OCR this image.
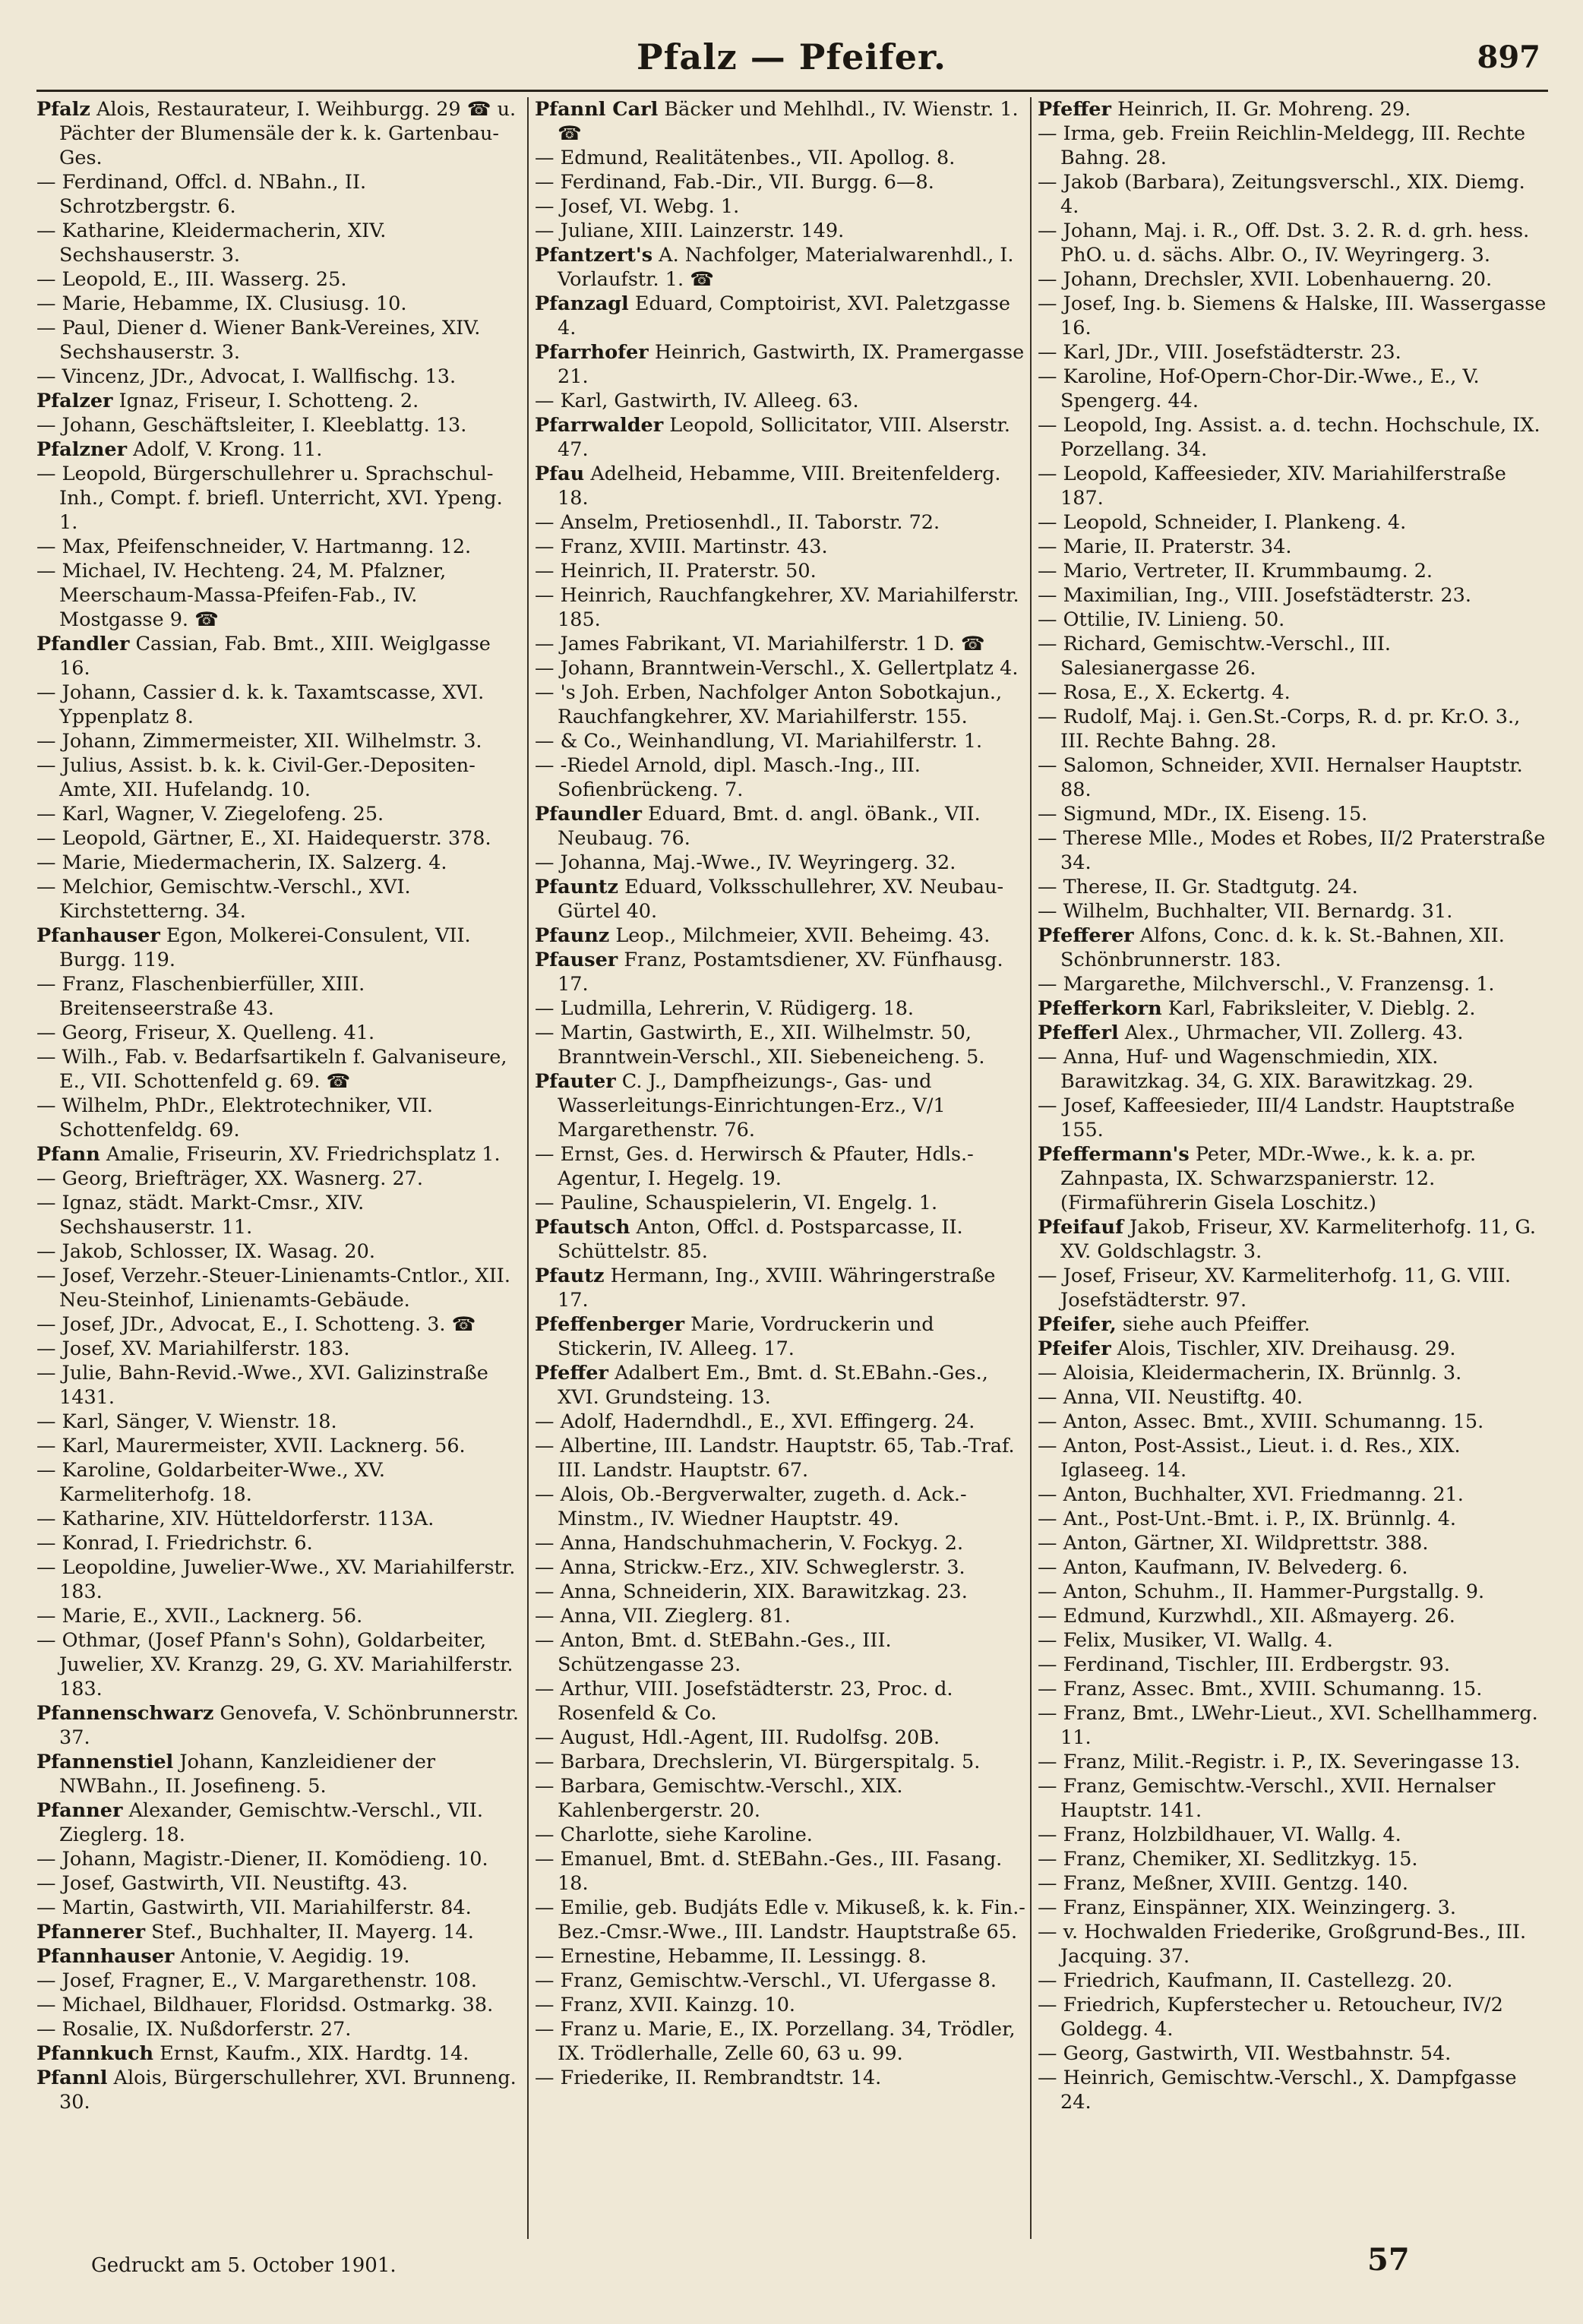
Pfalz — Pfeifer.	897
Pfalz Alois, Restaurateur, I. Weihburgg. 29 ☎ u. Pächter der Blumensäle der k. k. Gartenbau-Ges.
— Ferdinand, Offcl. d. NBahn., II. Schrotzbergstr. 6.
— Katharine, Kleidermacherin, XIV. Sechshauserstr. 3.
— Leopold, E., III. Wasserg. 25.
— Marie, Hebamme, IX. Clusiusg. 10.
— Paul, Diener d. Wiener Bank-Vereines, XIV. Sechshauserstr. 3.
— Vincenz, JDr., Advocat, I. Wallfischg. 13.
Pfalzer Ignaz, Friseur, I. Schotteng. 2.
— Johann, Geschäftsleiter, I. Kleeblattg. 13.
Pfalzner Adolf, V. Krong. 11.
— Leopold, Bürgerschullehrer u. Sprachschul-Inh., Compt. f. briefl. Unterricht, XVI. Ypeng. 1.
— Max, Pfeifenschneider, V. Hartmanng. 12.
— Michael, IV. Hechteng. 24, M. Pfalzner, Meerschaum-Massa-Pfeifen-Fab., IV. Mostgasse 9. ☎
Pfandler Cassian, Fab. Bmt., XIII. Weiglgasse 16.
— Johann, Cassier d. k. k. Taxamtscasse, XVI. Yppenplatz 8.
— Johann, Zimmermeister, XII. Wilhelmstr. 3.
— Julius, Assist. b. k. k. Civil-Ger.-Depositen-Amte, XII. Hufelandg. 10.
— Karl, Wagner, V. Ziegelofeng. 25.
— Leopold, Gärtner, E., XI. Haidequerstr. 378.
— Marie, Miedermacherin, IX. Salzerg. 4.
— Melchior, Gemischtw.-Verschl., XVI. Kirchstetterng. 34.
Pfanhauser Egon, Molkerei-Consulent, VII. Burgg. 119.
— Franz, Flaschenbierfüller, XIII. Breitenseerstraße 43.
— Georg, Friseur, X. Quelleng. 41.
— Wilh., Fab. v. Bedarfsartikeln f. Galvaniseure, E., VII. Schottenfeld g. 69. ☎
— Wilhelm, PhDr., Elektrotechniker, VII. Schottenfeldg. 69.
Pfann Amalie, Friseurin, XV. Friedrichsplatz 1.
— Georg, Briefträger, XX. Wasnerg. 27.
— Ignaz, städt. Markt-Cmsr., XIV. Sechshauserstr. 11.
— Jakob, Schlosser, IX. Wasag. 20.
— Josef, Verzehr.-Steuer-Linienamts-Cntlor., XII. Neu-Steinhof, Linienamts-Gebäude.
— Josef, JDr., Advocat, E., I. Schotteng. 3. ☎
— Josef, XV. Mariahilferstr. 183.
— Julie, Bahn-Revid.-Wwe., XVI. Galizinstraße 1431.
— Karl, Sänger, V. Wienstr. 18.
— Karl, Maurermeister, XVII. Lacknerg. 56.
— Karoline, Goldarbeiter-Wwe., XV. Karmeliterhofg. 18.
— Katharine, XIV. Hütteldorferstr. 113A.
— Konrad, I. Friedrichstr. 6.
— Leopoldine, Juwelier-Wwe., XV. Mariahilferstr. 183.
— Marie, E., XVII., Lacknerg. 56.
— Othmar, (Josef Pfann's Sohn), Goldarbeiter, Juwelier, XV. Kranzg. 29, G. XV. Mariahilferstr. 183.
Pfannenschwarz Genovefa, V. Schönbrunnerstr. 37.
Pfannenstiel Johann, Kanzleidiener der NWBahn., II. Josefineng. 5.
Pfanner Alexander, Gemischtw.-Verschl., VII. Zieglerg. 18.
— Johann, Magistr.-Diener, II. Komödieng. 10.
— Josef, Gastwirth, VII. Neustiftg. 43.
— Martin, Gastwirth, VII. Mariahilferstr. 84.
Pfannerer Stef., Buchhalter, II. Mayerg. 14.
Pfannhauser Antonie, V. Aegidig. 19.
— Josef, Fragner, E., V. Margarethenstr. 108.
— Michael, Bildhauer, Floridsd. Ostmarkg. 38.
— Rosalie, IX. Nußdorferstr. 27.
Pfannkuch Ernst, Kaufm., XIX. Hardtg. 14.
Pfannl Alois, Bürgerschullehrer, XVI. Brunneng. 30.
Pfannl Carl Bäcker und Mehlhdl., IV. Wienstr. 1. ☎
— Edmund, Realitätenbes., VII. Apollog. 8.
— Ferdinand, Fab.-Dir., VII. Burgg. 6—8.
— Josef, VI. Webg. 1.
— Juliane, XIII. Lainzerstr. 149.
Pfantzert's A. Nachfolger, Materialwarenhdl., I. Vorlaufstr. 1. ☎
Pfanzagl Eduard, Comptoirist, XVI. Paletzgasse 4.
Pfarrhofer Heinrich, Gastwirth, IX. Pramergasse 21.
— Karl, Gastwirth, IV. Alleeg. 63.
Pfarrwalder Leopold, Sollicitator, VIII. Alserstr. 47.
Pfau Adelheid, Hebamme, VIII. Breitenfelderg. 18.
— Anselm, Pretiosenhdl., II. Taborstr. 72.
— Franz, XVIII. Martinstr. 43.
— Heinrich, II. Praterstr. 50.
— Heinrich, Rauchfangkehrer, XV. Mariahilferstr. 185.
— James Fabrikant, VI. Mariahilferstr. 1 D. ☎
— Johann, Branntwein-Verschl., X. Gellertplatz 4.
— 's Joh. Erben, Nachfolger Anton Sobotkajun., Rauchfangkehrer, XV. Mariahilferstr. 155.
— & Co., Weinhandlung, VI. Mariahilferstr. 1.
— -Riedel Arnold, dipl. Masch.-Ing., III. Sofienbrückeng. 7.
Pfaundler Eduard, Bmt. d. angl. öBank., VII. Neubaug. 76.
— Johanna, Maj.-Wwe., IV. Weyringerg. 32.
Pfauntz Eduard, Volksschullehrer, XV. Neubau-Gürtel 40.
Pfaunz Leop., Milchmeier, XVII. Beheimg. 43.
Pfauser Franz, Postamtsdiener, XV. Fünfhausg. 17.
— Ludmilla, Lehrerin, V. Rüdigerg. 18.
— Martin, Gastwirth, E., XII. Wilhelmstr. 50, Branntwein-Verschl., XII. Siebeneicheng. 5.
Pfauter C. J., Dampfheizungs-, Gas- und Wasserleitungs-Einrichtungen-Erz., V/1 Margarethenstr. 76.
— Ernst, Ges. d. Herwirsch & Pfauter, Hdls.-Agentur, I. Hegelg. 19.
— Pauline, Schauspielerin, VI. Engelg. 1.
Pfautsch Anton, Offcl. d. Postsparcasse, II. Schüttelstr. 85.
Pfautz Hermann, Ing., XVIII. Währingerstraße 17.
Pfeffenberger Marie, Vordruckerin und Stickerin, IV. Alleeg. 17.
Pfeffer Adalbert Em., Bmt. d. St.EBahn.-Ges., XVI. Grundsteing. 13.
— Adolf, Haderndhdl., E., XVI. Effingerg. 24.
— Albertine, III. Landstr. Hauptstr. 65, Tab.-Traf. III. Landstr. Hauptstr. 67.
— Alois, Ob.-Bergverwalter, zugeth. d. Ack.-Minstm., IV. Wiedner Hauptstr. 49.
— Anna, Handschuhmacherin, V. Fockyg. 2.
— Anna, Strickw.-Erz., XIV. Schweglerstr. 3.
— Anna, Schneiderin, XIX. Barawitzkag. 23.
— Anna, VII. Zieglerg. 81.
— Anton, Bmt. d. StEBahn.-Ges., III. Schützengasse 23.
— Arthur, VIII. Josefstädterstr. 23, Proc. d. Rosenfeld & Co.
— August, Hdl.-Agent, III. Rudolfsg. 20B.
— Barbara, Drechslerin, VI. Bürgerspitalg. 5.
— Barbara, Gemischtw.-Verschl., XIX. Kahlenbergerstr. 20.
— Charlotte, siehe Karoline.
— Emanuel, Bmt. d. StEBahn.-Ges., III. Fasang. 18.
— Emilie, geb. Budjáts Edle v. Mikuseß, k. k. Fin.-Bez.-Cmsr.-Wwe., III. Landstr. Hauptstraße 65.
— Ernestine, Hebamme, II. Lessingg. 8.
— Franz, Gemischtw.-Verschl., VI. Ufergasse 8.
— Franz, XVII. Kainzg. 10.
— Franz u. Marie, E., IX. Porzellang. 34, Trödler, IX. Trödlerhalle, Zelle 60, 63 u. 99.
— Friederike, II. Rembrandtstr. 14.
Pfeffer Heinrich, II. Gr. Mohreng. 29.
— Irma, geb. Freiin Reichlin-Meldegg, III. Rechte Bahng. 28.
— Jakob (Barbara), Zeitungsverschl., XIX. Diemg. 4.
— Johann, Maj. i. R., Off. Dst. 3. 2. R. d. grh. hess. PhO. u. d. sächs. Albr. O., IV. Weyringerg. 3.
— Johann, Drechsler, XVII. Lobenhauerng. 20.
— Josef, Ing. b. Siemens & Halske, III. Wassergasse 16.
— Karl, JDr., VIII. Josefstädterstr. 23.
— Karoline, Hof-Opern-Chor-Dir.-Wwe., E., V. Spengerg. 44.
— Leopold, Ing. Assist. a. d. techn. Hochschule, IX. Porzellang. 34.
— Leopold, Kaffeesieder, XIV. Mariahilferstraße 187.
— Leopold, Schneider, I. Plankeng. 4.
— Marie, II. Praterstr. 34.
— Mario, Vertreter, II. Krummbaumg. 2.
— Maximilian, Ing., VIII. Josefstädterstr. 23.
— Ottilie, IV. Linieng. 50.
— Richard, Gemischtw.-Verschl., III. Salesianergasse 26.
— Rosa, E., X. Eckertg. 4.
— Rudolf, Maj. i. Gen.St.-Corps, R. d. pr. Kr.O. 3., III. Rechte Bahng. 28.
— Salomon, Schneider, XVII. Hernalser Hauptstr. 88.
— Sigmund, MDr., IX. Eiseng. 15.
— Therese Mlle., Modes et Robes, II/2 Praterstraße 34.
— Therese, II. Gr. Stadtgutg. 24.
— Wilhelm, Buchhalter, VII. Bernardg. 31.
Pfefferer Alfons, Conc. d. k. k. St.-Bahnen, XII. Schönbrunnerstr. 183.
— Margarethe, Milchverschl., V. Franzensg. 1.
Pfefferkorn Karl, Fabriksleiter, V. Dieblg. 2.
Pfefferl Alex., Uhrmacher, VII. Zollerg. 43.
— Anna, Huf- und Wagenschmiedin, XIX. Barawitzkag. 34, G. XIX. Barawitzkag. 29.
— Josef, Kaffeesieder, III/4 Landstr. Hauptstraße 155.
Pfeffermann's Peter, MDr.-Wwe., k. k. a. pr. Zahnpasta, IX. Schwarzspanierstr. 12. (Firmaführerin Gisela Loschitz.)
Pfeifauf Jakob, Friseur, XV. Karmeliterhofg. 11, G. XV. Goldschlagstr. 3.
— Josef, Friseur, XV. Karmeliterhofg. 11, G. VIII. Josefstädterstr. 97.
Pfeifer, siehe auch Pfeiffer.
Pfeifer Alois, Tischler, XIV. Dreihausg. 29.
— Aloisia, Kleidermacherin, IX. Brünnlg. 3.
— Anna, VII. Neustiftg. 40.
— Anton, Assec. Bmt., XVIII. Schumanng. 15.
— Anton, Post-Assist., Lieut. i. d. Res., XIX. Iglaseeg. 14.
— Anton, Buchhalter, XVI. Friedmanng. 21.
— Ant., Post-Unt.-Bmt. i. P., IX. Brünnlg. 4.
— Anton, Gärtner, XI. Wildprettstr. 388.
— Anton, Kaufmann, IV. Belvederg. 6.
— Anton, Schuhm., II. Hammer-Purgstallg. 9.
— Edmund, Kurzwhdl., XII. Aßmayerg. 26.
— Felix, Musiker, VI. Wallg. 4.
— Ferdinand, Tischler, III. Erdbergstr. 93.
— Franz, Assec. Bmt., XVIII. Schumanng. 15.
— Franz, Bmt., LWehr-Lieut., XVI. Schellhammerg. 11.
— Franz, Milit.-Registr. i. P., IX. Severingasse 13.
— Franz, Gemischtw.-Verschl., XVII. Hernalser Hauptstr. 141.
— Franz, Holzbildhauer, VI. Wallg. 4.
— Franz, Chemiker, XI. Sedlitzkyg. 15.
— Franz, Meßner, XVIII. Gentzg. 140.
— Franz, Einspänner, XIX. Weinzingerg. 3.
— v. Hochwalden Friederike, Großgrund-Bes., III. Jacquing. 37.
— Friedrich, Kaufmann, II. Castellezg. 20.
— Friedrich, Kupferstecher u. Retoucheur, IV/2 Goldegg. 4.
— Georg, Gastwirth, VII. Westbahnstr. 54.
— Heinrich, Gemischtw.-Verschl., X. Dampfgasse 24.
Gedruckt am 5. October 1901.	57
